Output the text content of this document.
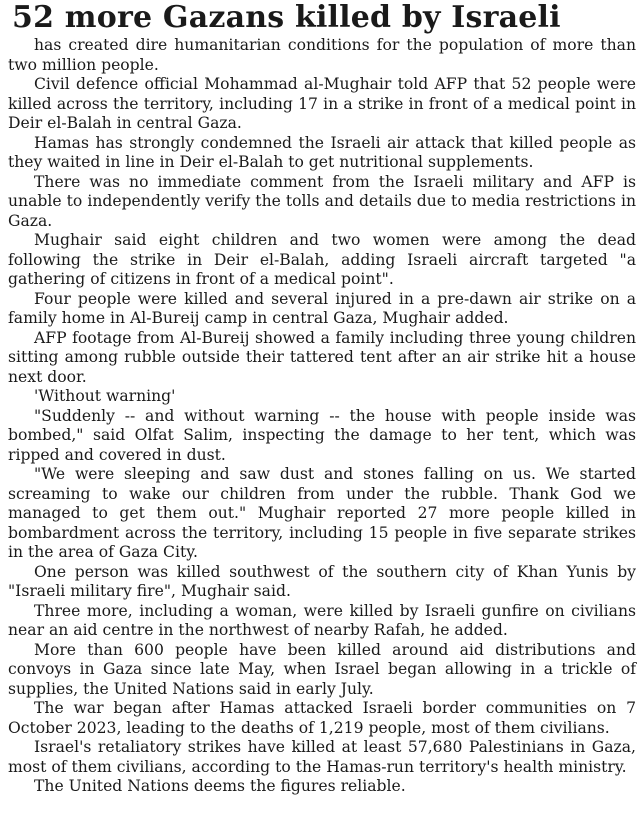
52 more Gazans killed by Israeli

has created dire humanitarian conditions for the population of more than two million people.

Civil defence official Mohammad al-Mughair told AFP that 52 people were killed across the territory, including 17 in a strike in front of a medical point in Deir el-Balah in central Gaza.

Hamas has strongly condemned the Israeli air attack that killed people as they waited in line in Deir el-Balah to get nutritional supplements.

There was no immediate comment from the Israeli military and AFP is unable to independently verify the tolls and details due to media restrictions in Gaza.

Mughair said eight children and two women were among the dead following the strike in Deir el-Balah, adding Israeli aircraft targeted "a gathering of citizens in front of a medical point".

Four people were killed and several injured in a pre-dawn air strike on a family home in Al-Bureij camp in central Gaza, Mughair added.

AFP footage from Al-Bureij showed a family including three young children sitting among rubble outside their tattered tent after an air strike hit a house next door.

'Without warning'

"Suddenly -- and without warning -- the house with people inside was bombed," said Olfat Salim, inspecting the damage to her tent, which was ripped and covered in dust.

"We were sleeping and saw dust and stones falling on us. We started screaming to wake our children from under the rubble. Thank God we managed to get them out." Mughair reported 27 more people killed in bombardment across the territory, including 15 people in five separate strikes in the area of Gaza City.

One person was killed southwest of the southern city of Khan Yunis by "Israeli military fire", Mughair said.

Three more, including a woman, were killed by Israeli gunfire on civilians near an aid centre in the northwest of nearby Rafah, he added.

More than 600 people have been killed around aid distributions and convoys in Gaza since late May, when Israel began allowing in a trickle of supplies, the United Nations said in early July.

The war began after Hamas attacked Israeli border communities on 7 October 2023, leading to the deaths of 1,219 people, most of them civilians.

Israel's retaliatory strikes have killed at least 57,680 Palestinians in Gaza, most of them civilians, according to the Hamas-run territory's health ministry.

The United Nations deems the figures reliable.
